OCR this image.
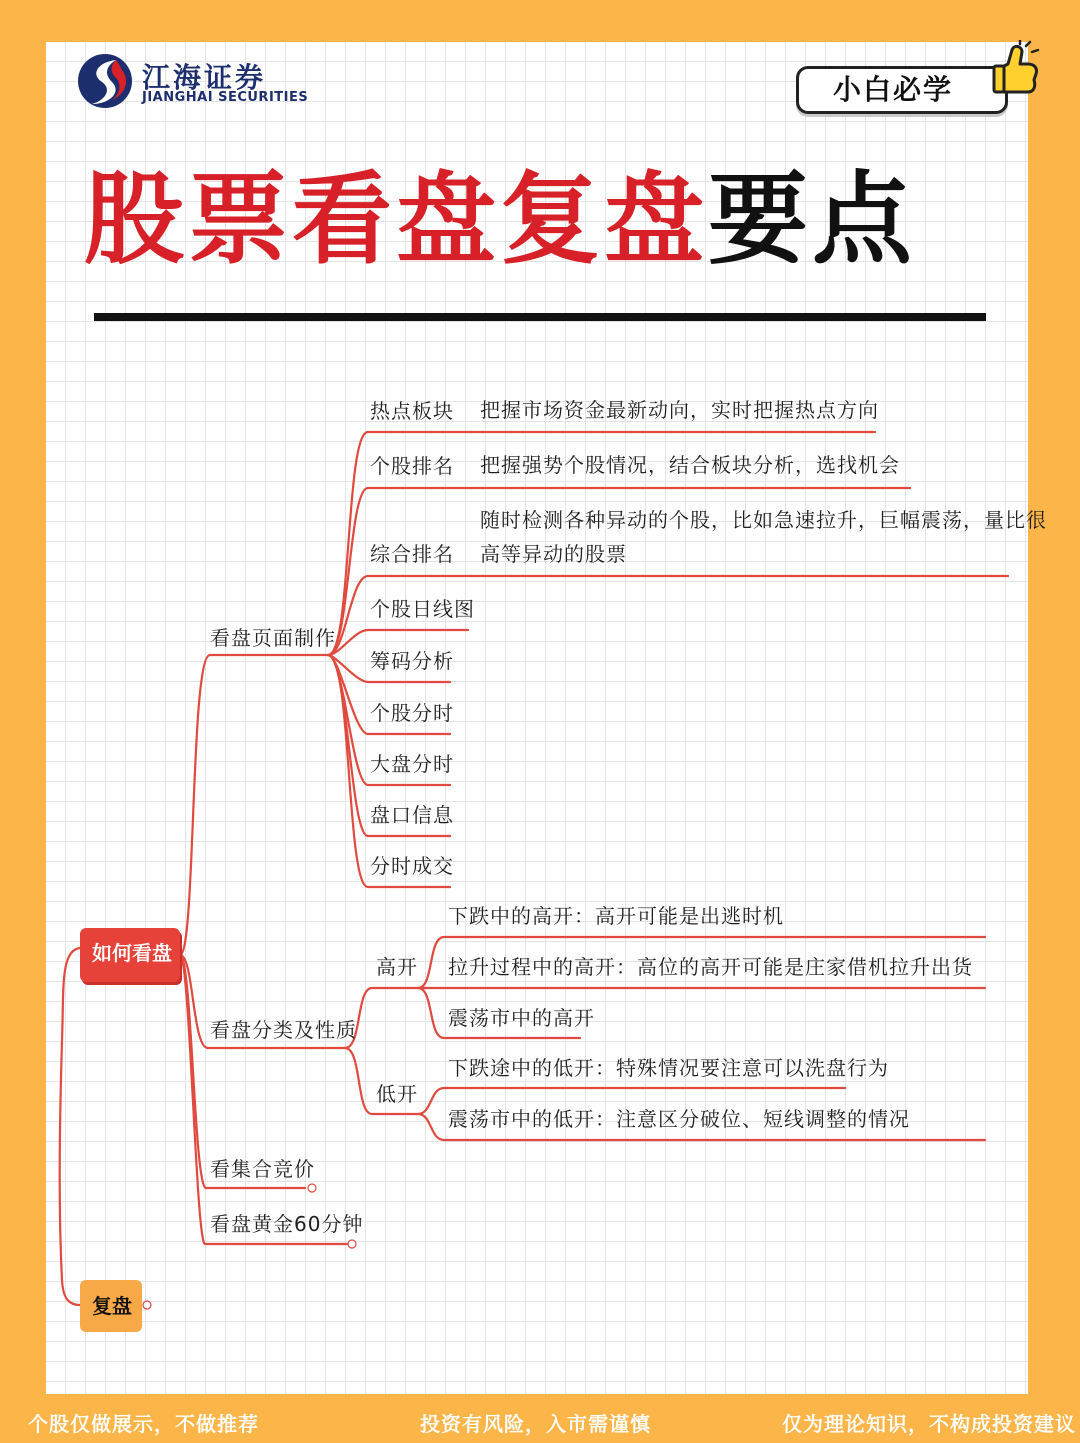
江海证券
JIANGHAI SECURITIES	小白必学
股票看盘复盘要点
如何看盘
复盘
看盘页面制作
看盘分类及性质
看集合竞价
看盘黄金60分钟
热点板块 把握市场资金最新动向，实时把握热点方向
个股排名 把握强势个股情况，结合板块分析，选找机会
综合排名
随时检测各种异动的个股，比如急速拉升，巨幅震荡，量比很
高等异动的股票
个股日线图
筹码分析
个股分时
大盘分时
盘口信息
分时成交
高开
低开
下跌中的高开：高开可能是出逃时机
拉升过程中的高开：高位的高开可能是庄家借机拉升出货
震荡市中的高开
下跌途中的低开：特殊情况要注意可以洗盘行为
震荡市中的低开：注意区分破位、短线调整的情况
个股仅做展示，不做推荐	投资有风险，入市需谨慎	仅为理论知识，不构成投资建议
